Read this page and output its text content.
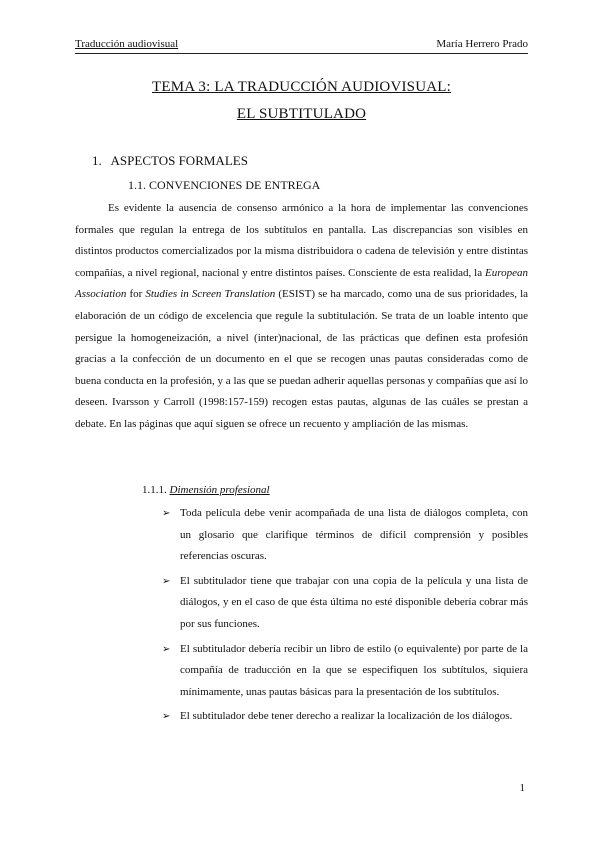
Traducción audiovisual	María Herrero Prado
TEMA 3: LA TRADUCCIÓN AUDIOVISUAL:
EL SUBTITULADO
1. ASPECTOS FORMALES
1.1. CONVENCIONES DE ENTREGA

Es evidente la ausencia de consenso armónico a la hora de implementar las convenciones formales que regulan la entrega de los subtítulos en pantalla. Las discrepancias son visibles en distintos productos comercializados por la misma distribuidora o cadena de televisión y entre distintas compañías, a nivel regional, nacional y entre distintos países. Consciente de esta realidad, la European Association for Studies in Screen Translation (ESIST) se ha marcado, como una de sus prioridades, la elaboración de un código de excelencia que regule la subtitulación. Se trata de un loable intento que persigue la homogeneización, a nivel (inter)nacional, de las prácticas que definen esta profesión gracias a la confección de un documento en el que se recogen unas pautas consideradas como de buena conducta en la profesión, y a las que se puedan adherir aquellas personas y compañías que así lo deseen. Ivarsson y Carroll (1998:157-159) recogen estas pautas, algunas de las cuáles se prestan a debate. En las páginas que aquí siguen se ofrece un recuento y ampliación de las mismas.

1.1.1. Dimensión profesional
➢ Toda película debe venir acompañada de una lista de diálogos completa, con un glosario que clarifique términos de difícil comprensión y posibles referencias oscuras.
➢ El subtitulador tiene que trabajar con una copia de la película y una lista de diálogos, y en el caso de que ésta última no esté disponible debería cobrar más por sus funciones.
➢ El subtitulador debería recibir un libro de estilo (o equivalente) por parte de la compañía de traducción en la que se especifiquen los subtítulos, siquiera mínimamente, unas pautas básicas para la presentación de los subtítulos.
➢ El subtitulador debe tener derecho a realizar la localización de los diálogos.
1
